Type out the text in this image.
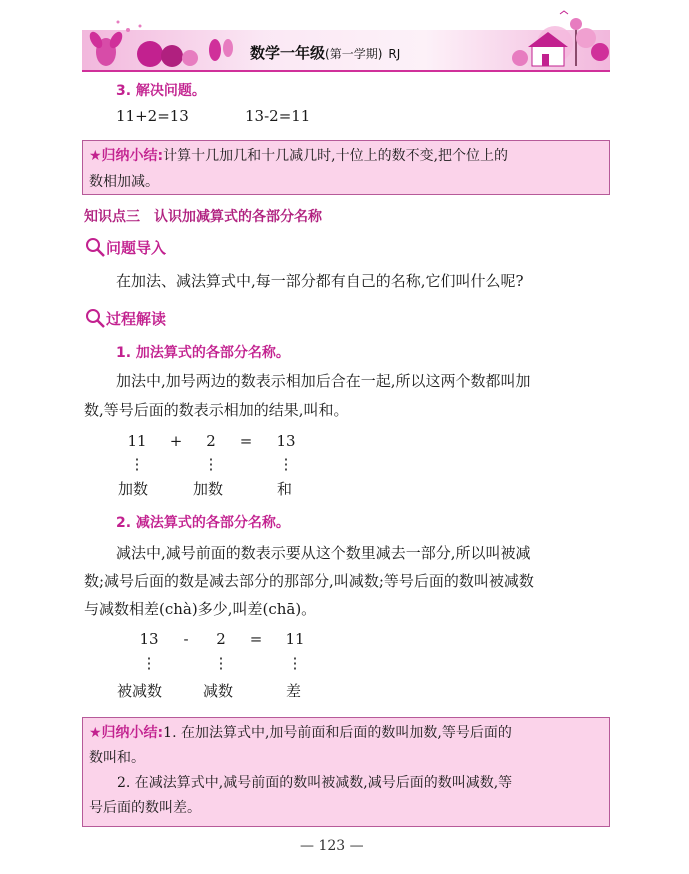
数学一年级(第一学期) RJ
3. 解决问题。
11+2=13	13-2=11
★归纳小结:计算十几加几和十几减几时,十位上的数不变,把个位上的
数相加减。
知识点三　认识加减算式的各部分名称
问题导入
在加法、减法算式中,每一部分都有自己的名称,它们叫什么呢?
过程解读
1. 加法算式的各部分名称。
加法中,加号两边的数表示相加后合在一起,所以这两个数都叫加
数,等号后面的数表示相加的结果,叫和。
11	+	2	=	13
⋮	⋮	⋮
加数	加数	和
2. 减法算式的各部分名称。
减法中,减号前面的数表示要从这个数里减去一部分,所以叫被减
数;减号后面的数是减去部分的那部分,叫减数;等号后面的数叫被减数
与减数相差(chà)多少,叫差(chā)。
13	-	2	=	11
⋮	⋮	⋮
被减数	减数	差
★归纳小结:1. 在加法算式中,加号前面和后面的数叫加数,等号后面的
数叫和。
2. 在减法算式中,减号前面的数叫被减数,减号后面的数叫减数,等
号后面的数叫差。
— 123 —
